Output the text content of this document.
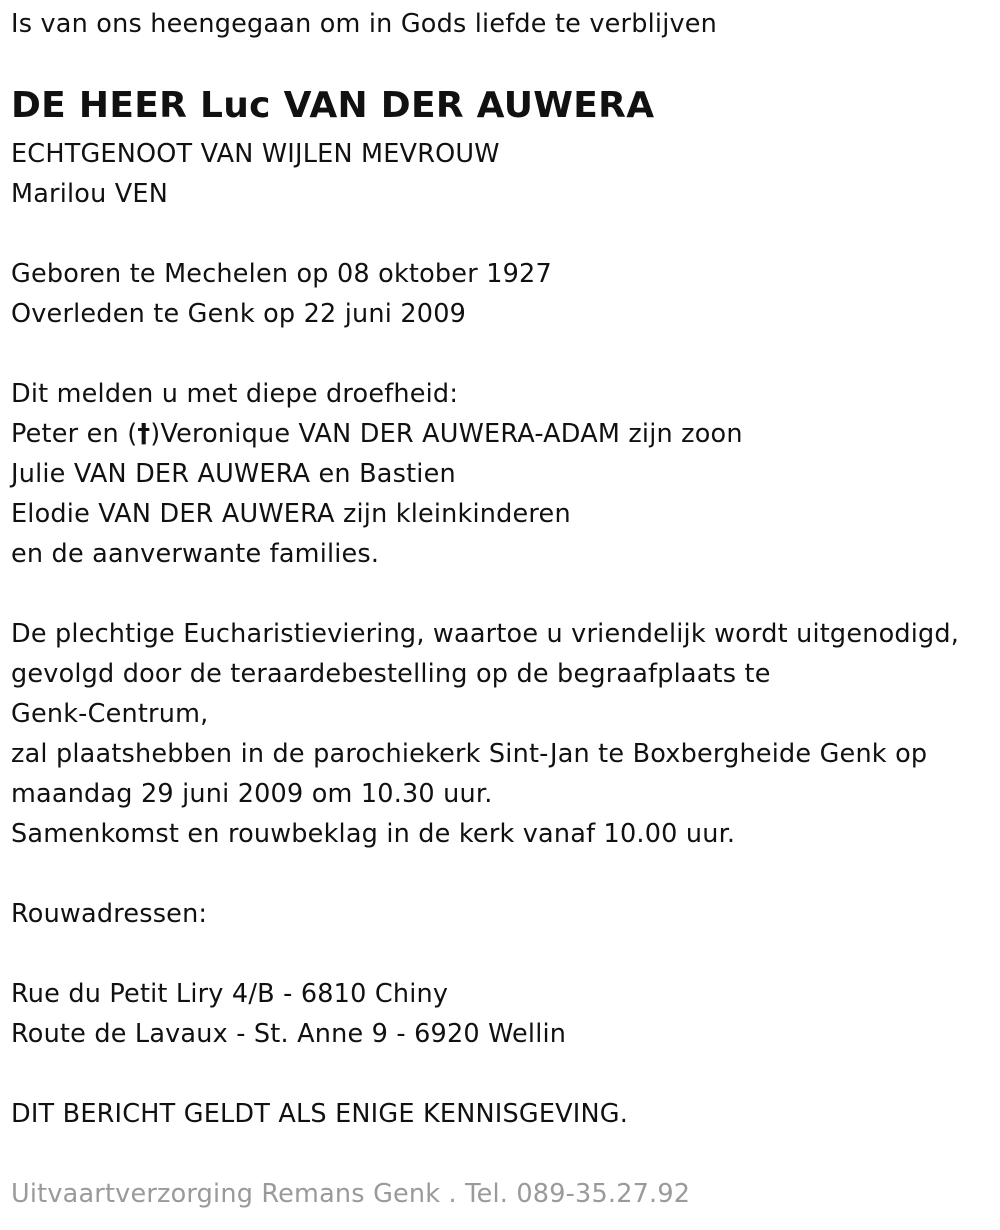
Is van ons heengegaan om in Gods liefde te verblijven
DE HEER Luc VAN DER AUWERA
ECHTGENOOT VAN WIJLEN MEVROUW
Marilou VEN
Geboren te Mechelen op 08 oktober 1927
Overleden te Genk op 22 juni 2009
Dit melden u met diepe droefheid:
Peter en (†)Veronique VAN DER AUWERA-ADAM zijn zoon
Julie VAN DER AUWERA en Bastien
Elodie VAN DER AUWERA zijn kleinkinderen
en de aanverwante families.
De plechtige Eucharistieviering, waartoe u vriendelijk wordt uitgenodigd,
gevolgd door de teraardebestelling op de begraafplaats te
Genk-Centrum,
zal plaatshebben in de parochiekerk Sint-Jan te Boxbergheide Genk op
maandag 29 juni 2009 om 10.30 uur.
Samenkomst en rouwbeklag in de kerk vanaf 10.00 uur.
Rouwadressen:
Rue du Petit Liry 4/B - 6810 Chiny
Route de Lavaux - St. Anne 9 - 6920 Wellin
DIT BERICHT GELDT ALS ENIGE KENNISGEVING.
Uitvaartverzorging Remans Genk . Tel. 089-35.27.92
